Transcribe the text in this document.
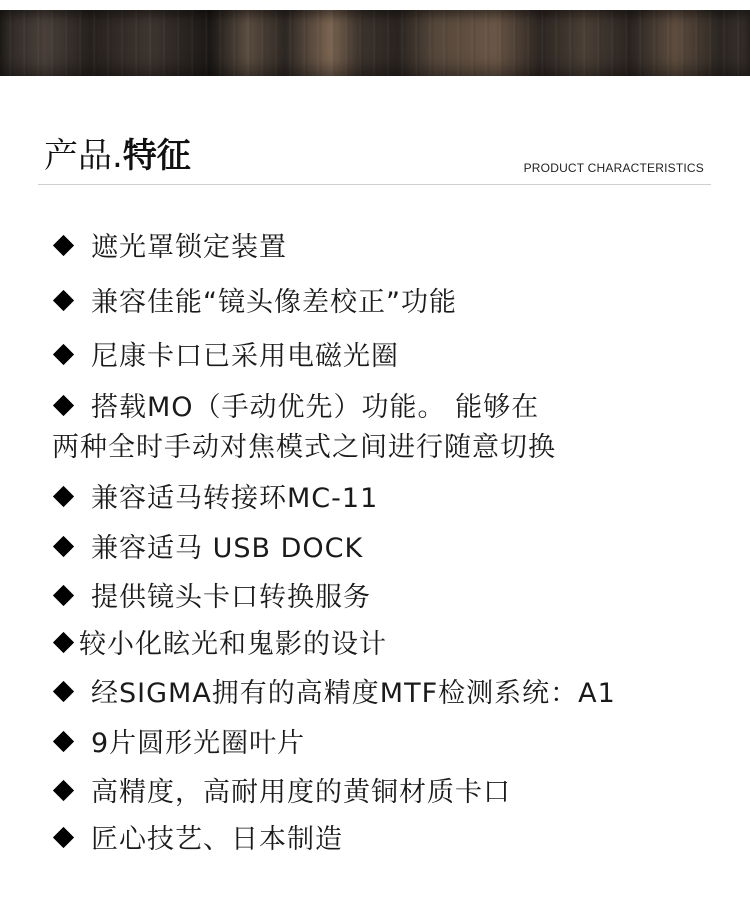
产品.特征	PRODUCT CHARACTERISTICS
遮光罩锁定装置
兼容佳能“镜头像差校正”功能
尼康卡口已采用电磁光圈
搭载MO（手动优先）功能。 能够在
两种全时手动对焦模式之间进行随意切换
兼容适马转接环MC-11
兼容适马 USB DOCK
提供镜头卡口转换服务
较小化眩光和鬼影的设计
经SIGMA拥有的高精度MTF检测系统：A1
9片圆形光圈叶片
高精度，高耐用度的黄铜材质卡口
匠心技艺、日本制造
